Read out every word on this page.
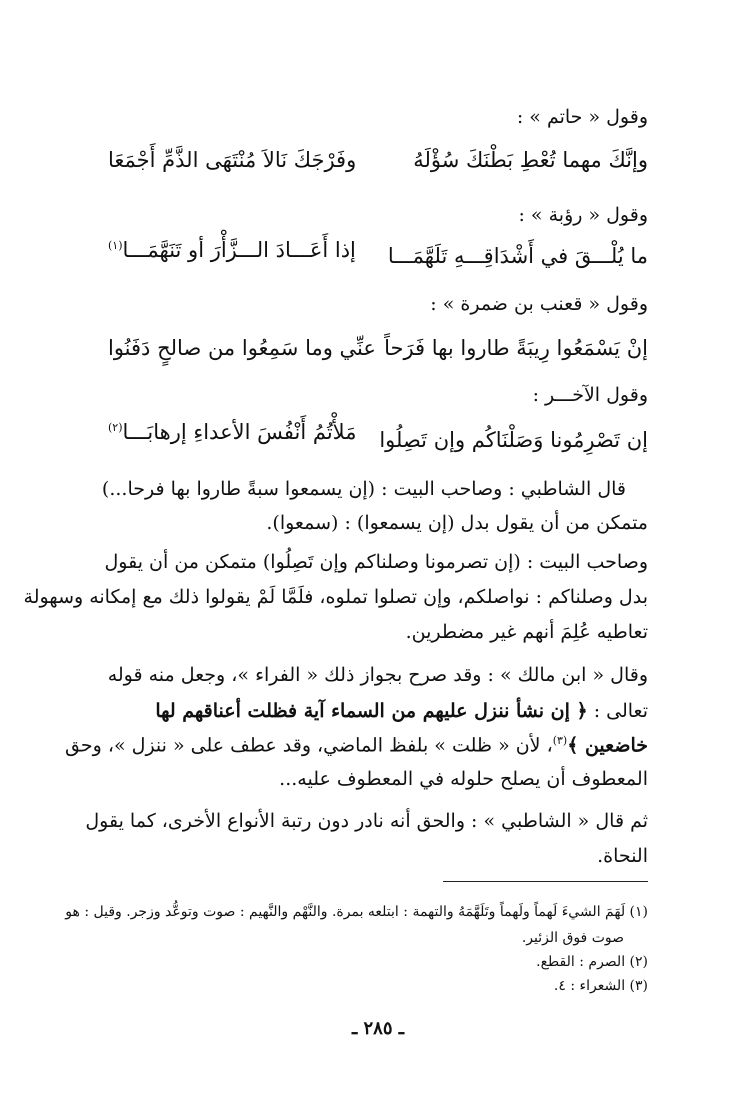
وقول « حاتم » :
وإنَّكَ مهما تُعْطِ بَطْنَكَ سُؤْلَهُ
وفَرْجَكَ نَالاَ مُنْتَهَى الذَّمِّ أَجْمَعَا
وقول « رؤبة » :
ما يُلْـــقَ في أَشْدَاقِـــهِ تَلَهَّمَـــا
إذا أَعَـــادَ الـــزَّأْرَ أو تَنَهَّمَـــا$^{(١)}$
وقول « قعنب بن ضمرة » :
إنْ يَسْمَعُوا رِيبَةً طاروا بها فَرَحاً
عنِّي وما سَمِعُوا من صالحٍ دَفَنُوا
وقول الآخـــر :
إن تَصْرِمُونا وَصَلْنَاكُم وإن تَصِلُوا
مَلأْتُمُ أَنْفُسَ الأعداءِ إرهابَـــا$^{(٢)}$
قال الشاطبي : وصاحب البيت : (إن يسمعوا سبةً طاروا بها فرحا...)
متمكن من أن يقول بدل (إن يسمعوا) : (سمعوا).
وصاحب البيت : (إن تصرمونا وصلناكم وإن تَصِلُوا) متمكن من أن يقول
بدل وصلناكم : نواصلكم، وإن تصلوا تملوه، فلَمَّا لَمْ يقولوا ذلك مع إمكانه وسهولة
تعاطيه عُلِمَ أنهم غير مضطرين.
وقال « ابن مالك » : وقد صرح بجواز ذلك « الفراء »، وجعل منه قوله
تعالى : ﴿ إن نشأ ننزل عليهم من السماء آية فظلت أعناقهم لها
خاضعين ﴾$^{(٣)}$، لأن « ظلت » بلفظ الماضي، وقد عطف على « ننزل »، وحق
المعطوف أن يصلح حلوله في المعطوف عليه...
ثم قال « الشاطبي » : والحق أنه نادر دون رتبة الأنواع الأخرى، كما يقول
النحاة.
(١) لَهَمَ الشيءَ لَهماً ولَهماً وتَلَهَّمَهُ والتهمة : ابتلعه بمرة. والنَّهْم والنَّهيم : صوت وتوعُّد وزجر. وقيل : هو
صوت فوق الزئير.
(٢) الصرم : القطع.
(٣) الشعراء : ٤.
ـ ٢٨٥ ـ
